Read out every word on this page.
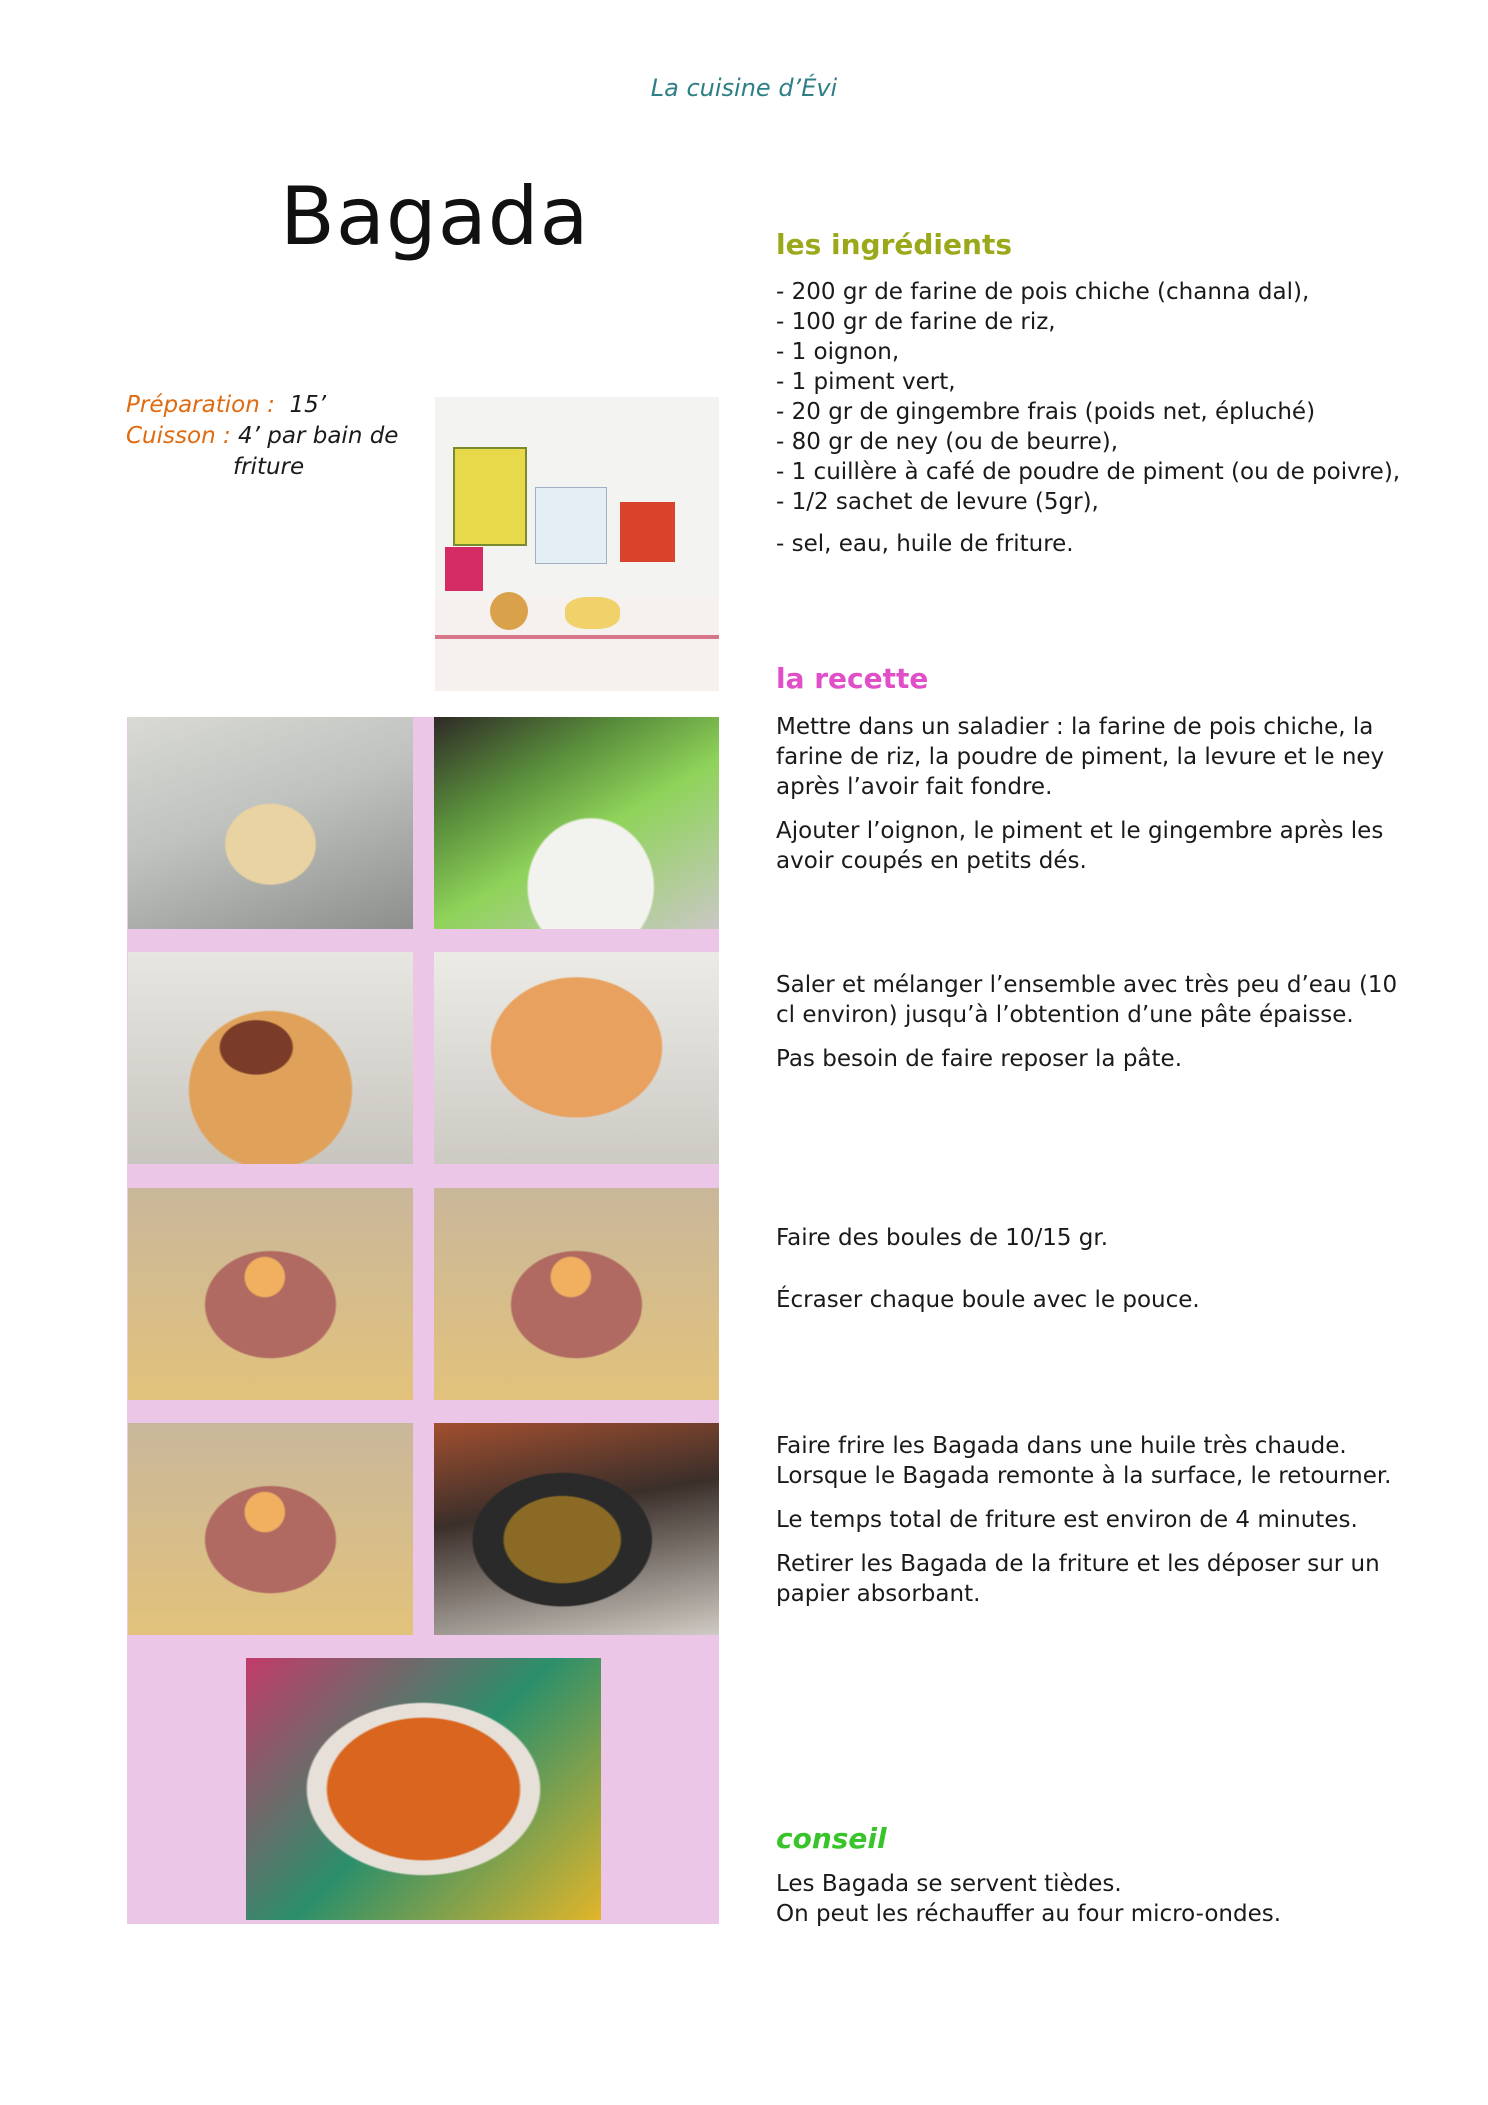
La cuisine d’Évi
Bagada
Préparation : 15’
Cuisson : 4’ par bain de
friture
les ingrédients
- 200 gr de farine de pois chiche (channa dal),
- 100 gr de farine de riz,
- 1 oignon,
- 1 piment vert,
- 20 gr de gingembre frais (poids net, épluché)
- 80 gr de ney (ou de beurre),
- 1 cuillère à café de poudre de piment (ou de poivre),
- 1/2 sachet de levure (5gr),
- sel, eau, huile de friture.
la recette

Mettre dans un saladier : la farine de pois chiche, la farine de riz, la poudre de piment, la levure et le ney après l’avoir fait fondre.

Ajouter l’oignon, le piment et le gingembre après les avoir coupés en petits dés.

Saler et mélanger l’ensemble avec très peu d’eau (10 cl environ) jusqu’à l’obtention d’une pâte épaisse.

Pas besoin de faire reposer la pâte.

Faire des boules de 10/15 gr.

Écraser chaque boule avec le pouce.

Faire frire les Bagada dans une huile très chaude. Lorsque le Bagada remonte à la surface, le retourner.

Le temps total de friture est environ de 4 minutes.

Retirer les Bagada de la friture et les déposer sur un papier absorbant.

conseil
Les Bagada se servent tièdes.
On peut les réchauffer au four micro-ondes.
